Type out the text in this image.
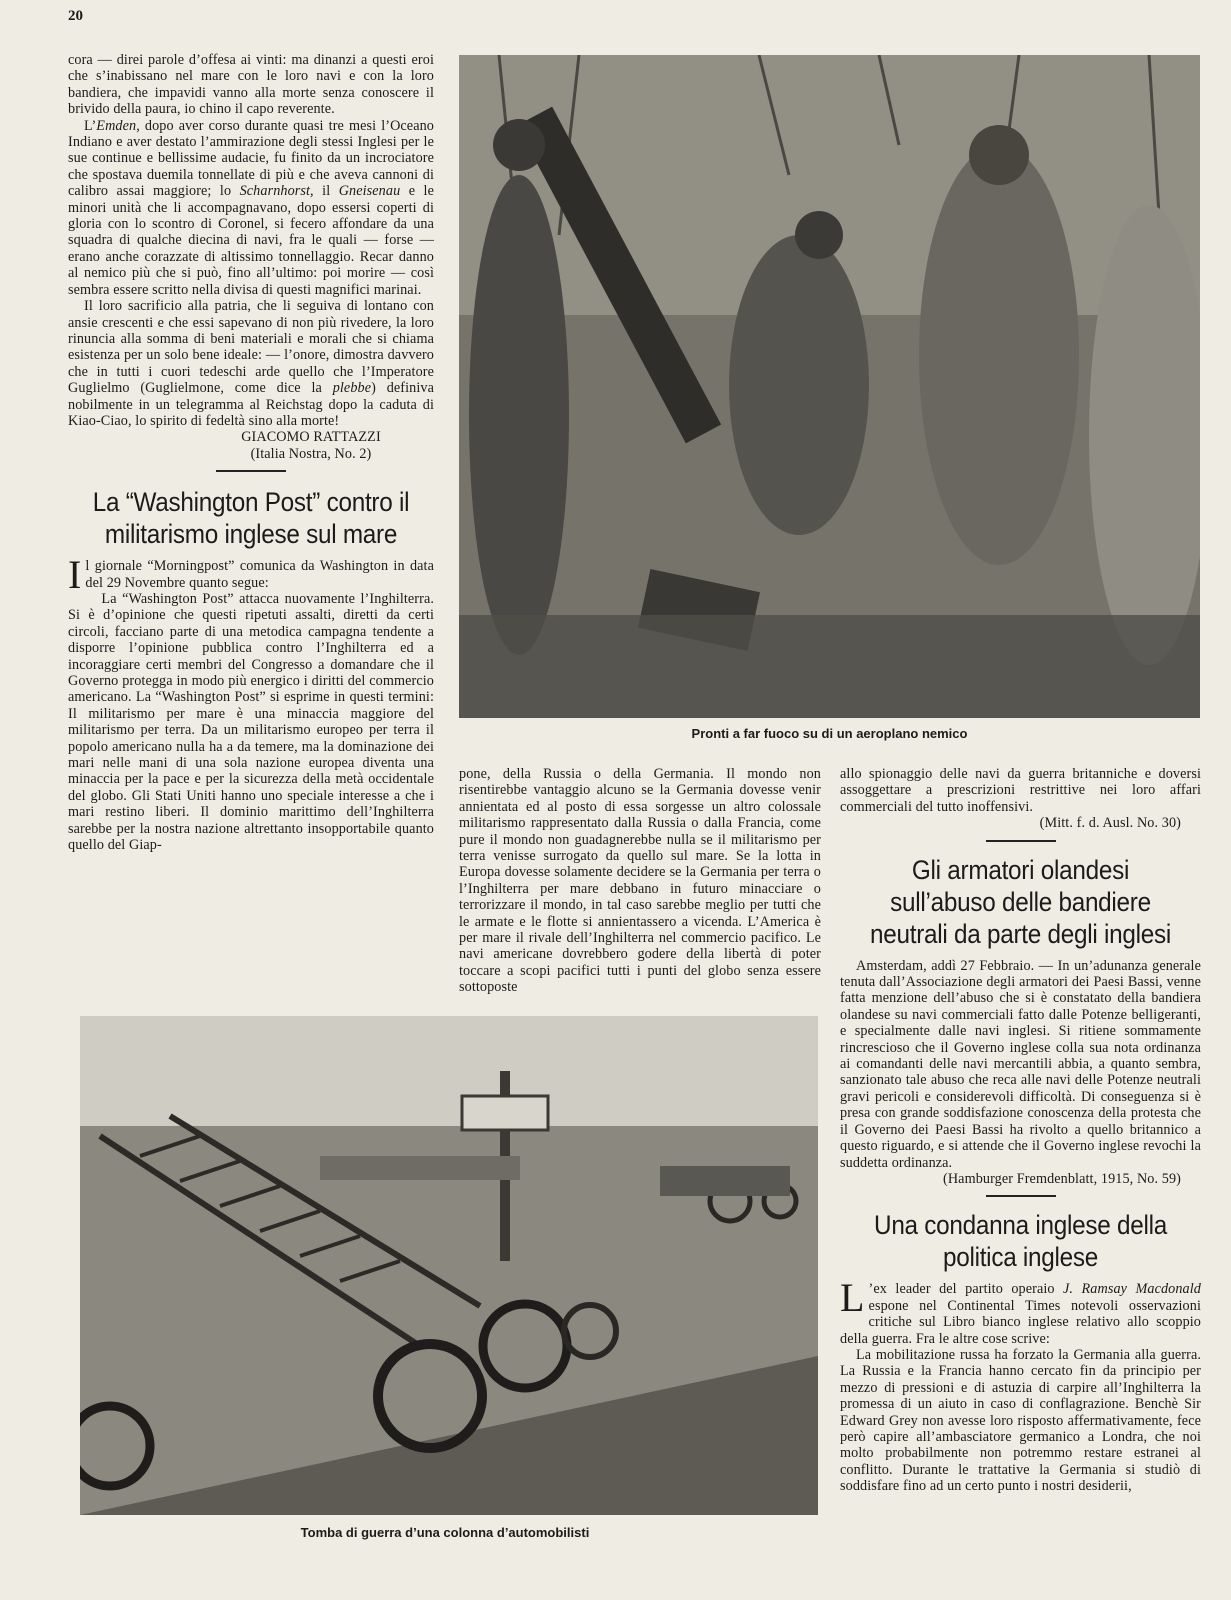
20

cora — direi parole d’offesa ai vinti: ma dinanzi a questi eroi che s’inabissano nel mare con le loro navi e con la loro bandiera, che impavidi vanno alla morte senza conoscere il brivido della paura, io chino il capo reverente.

L’Emden, dopo aver corso durante quasi tre mesi l’Oceano Indiano e aver destato l’ammirazione degli stessi Inglesi per le sue continue e bellissime audacie, fu finito da un incrociatore che spostava duemila tonnellate di più e che aveva cannoni di calibro assai maggiore; lo Scharnhorst, il Gneisenau e le minori unità che li accompagnavano, dopo essersi coperti di gloria con lo scontro di Coronel, si fecero affondare da una squadra di qualche diecina di navi, fra le quali — forse — erano anche corazzate di altissimo tonnellaggio. Recar danno al nemico più che si può, fino all’ultimo: poi morire — così sembra essere scritto nella divisa di questi magnifici marinai.

Il loro sacrificio alla patria, che li seguiva di lontano con ansie crescenti e che essi sapevano di non più rivedere, la loro rinuncia alla somma di beni materiali e morali che si chiama esistenza per un solo bene ideale: — l’onore, dimostra davvero che in tutti i cuori tedeschi arde quello che l’Imperatore Guglielmo (Guglielmone, come dice la plebbe) definiva nobilmente in un telegramma al Reichstag dopo la caduta di Kiao-Ciao, lo spirito di fedeltà sino alla morte!

GIACOMO RATTAZZI

(Italia Nostra, No. 2)

La “Washington Post” contro il militarismo inglese sul mare

Il giornale “Morningpost” comunica da Washington in data del 29 Novembre quanto segue:

La “Washington Post” attacca nuovamente l’Inghilterra. Si è d’opinione che questi ripetuti assalti, diretti da certi circoli, facciano parte di una metodica campagna tendente a disporre l’opinione pubblica contro l’Inghilterra ed a incoraggiare certi membri del Congresso a domandare che il Governo protegga in modo più energico i diritti del commercio americano. La “Washington Post” si esprime in questi termini: Il militarismo per mare è una minaccia maggiore del militarismo per terra. Da un militarismo europeo per terra il popolo americano nulla ha a da temere, ma la dominazione dei mari nelle mani di una sola nazione europea diventa una minaccia per la pace e per la sicurezza della metà occidentale del globo. Gli Stati Uniti hanno uno speciale interesse a che i mari restino liberi. Il dominio marittimo dell’Inghilterra sarebbe per la nostra nazione altrettanto insopportabile quanto quello del Giap-

Pronti a far fuoco su di un aeroplano nemico

pone, della Russia o della Germania. Il mondo non risentirebbe vantaggio alcuno se la Germania dovesse venir annientata ed al posto di essa sorgesse un altro colossale militarismo rappresentato dalla Russia o dalla Francia, come pure il mondo non guadagnerebbe nulla se il militarismo per terra venisse surrogato da quello sul mare. Se la lotta in Europa dovesse solamente decidere se la Germania per terra o l’Inghilterra per mare debbano in futuro minacciare o terrorizzare il mondo, in tal caso sarebbe meglio per tutti che le armate e le flotte si annientassero a vicenda. L’America è per mare il rivale dell’Inghilterra nel commercio pacifico. Le navi americane dovrebbero godere della libertà di poter toccare a scopi pacifici tutti i punti del globo senza essere sottoposte

allo spionaggio delle navi da guerra britanniche e doversi assoggettare a prescrizioni restrittive nei loro affari commerciali del tutto inoffensivi.

(Mitt. f. d. Ausl. No. 30)

Gli armatori olandesi sull’abuso delle bandiere neutrali da parte degli inglesi

Amsterdam, addì 27 Febbraio. — In un’adunanza generale tenuta dall’Associazione degli armatori dei Paesi Bassi, venne fatta menzione dell’abuso che si è constatato della bandiera olandese su navi commerciali fatto dalle Potenze belligeranti, e specialmente dalle navi inglesi. Si ritiene sommamente rincrescioso che il Governo inglese colla sua nota ordinanza ai comandanti delle navi mercantili abbia, a quanto sembra, sanzionato tale abuso che reca alle navi delle Potenze neutrali gravi pericoli e considerevoli difficoltà. Di conseguenza si è presa con grande soddisfazione conoscenza della protesta che il Governo dei Paesi Bassi ha rivolto a quello britannico a questo riguardo, e si attende che il Governo inglese revochi la suddetta ordinanza.

(Hamburger Fremdenblatt, 1915, No. 59)

Una condanna inglese della politica inglese

L ’ex leader del partito operaio J. Ramsay Macdonald espone nel Continental Times notevoli osservazioni critiche sul Libro bianco inglese relativo allo scoppio della guerra. Fra le altre cose scrive:

La mobilitazione russa ha forzato la Germania alla guerra. La Russia e la Francia hanno cercato fin da principio per mezzo di pressioni e di astuzia di carpire all’Inghilterra la promessa di un aiuto in caso di conflagrazione. Benchè Sir Edward Grey non avesse loro risposto affermativamente, fece però capire all’ambasciatore germanico a Londra, che noi molto probabilmente non potremmo restare estranei al conflitto. Durante le trattative la Germania si studiò di soddisfare fino ad un certo punto i nostri desiderii,

Tomba di guerra d’una colonna d’automobilisti
